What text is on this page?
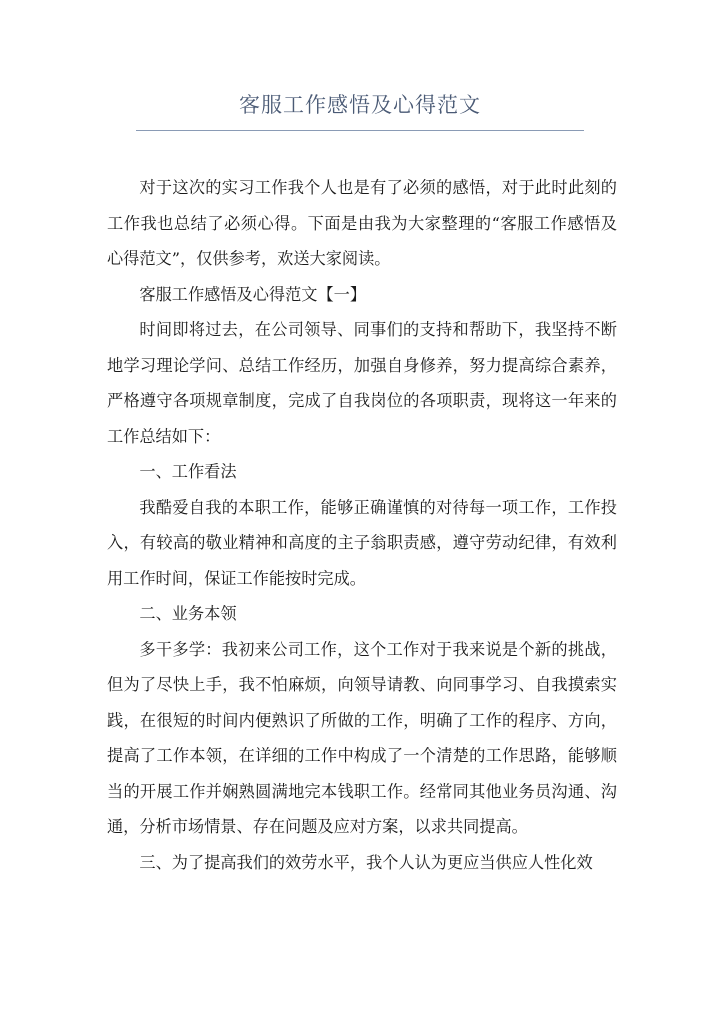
客服工作感悟及心得范文

对于这次的实习工作我个人也是有了必须的感悟，对于此时此刻的工作我也总结了必须心得。下面是由我为大家整理的“客服工作感悟及心得范文”，仅供参考，欢送大家阅读。

客服工作感悟及心得范文【一】

时间即将过去，在公司领导、同事们的支持和帮助下，我坚持不断地学习理论学问、总结工作经历，加强自身修养，努力提高综合素养，严格遵守各项规章制度，完成了自我岗位的各项职责，现将这一年来的工作总结如下：

一、工作看法

我酷爱自我的本职工作，能够正确谨慎的对待每一项工作，工作投入，有较高的敬业精神和高度的主子翁职责感，遵守劳动纪律，有效利用工作时间，保证工作能按时完成。

二、业务本领

多干多学：我初来公司工作，这个工作对于我来说是个新的挑战，但为了尽快上手，我不怕麻烦，向领导请教、向同事学习、自我摸索实践，在很短的时间内便熟识了所做的工作，明确了工作的程序、方向，提高了工作本领，在详细的工作中构成了一个清楚的工作思路，能够顺当的开展工作并娴熟圆满地完本钱职工作。经常同其他业务员沟通、沟通，分析市场情景、存在问题及应对方案，以求共同提高。

三、为了提高我们的效劳水平，我个人认为更应当供应人性化效
